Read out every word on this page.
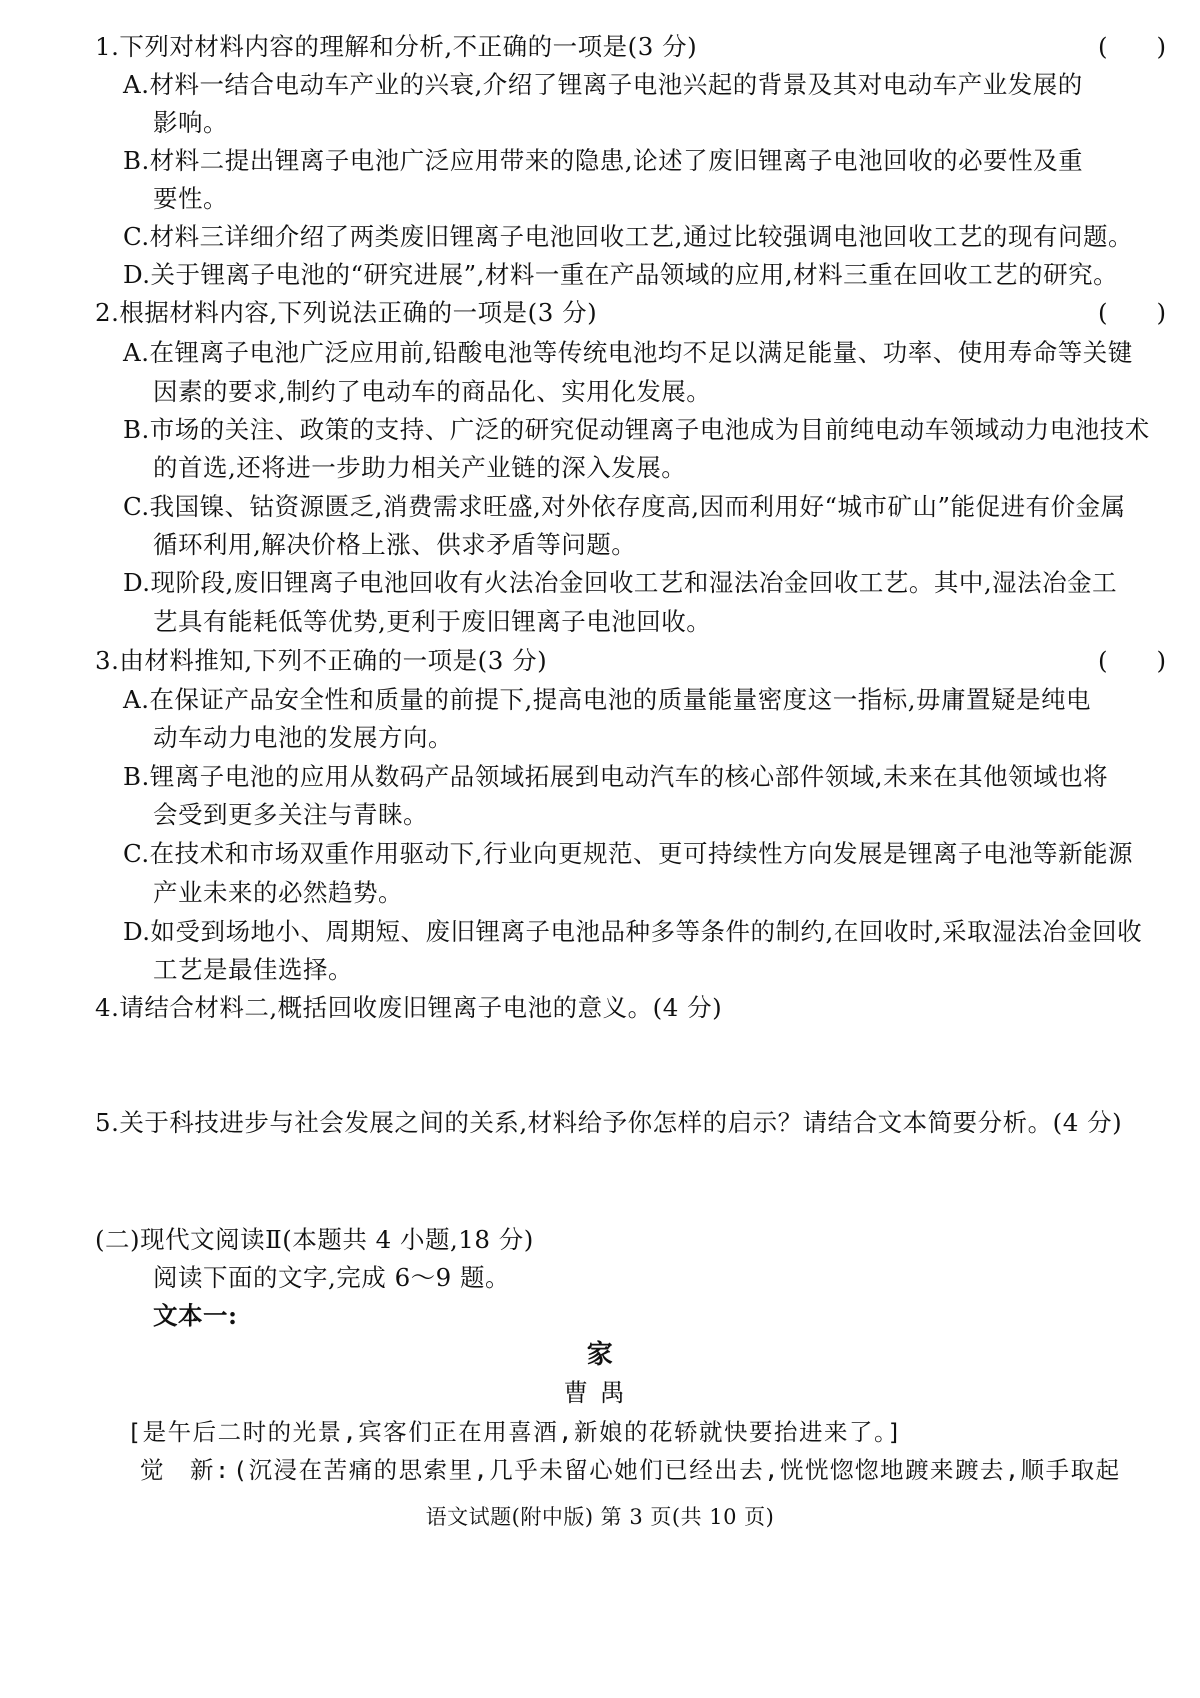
1.下列对材料内容的理解和分析,不正确的一项是(3 分)	(　　)
A.材料一结合电动车产业的兴衰,介绍了锂离子电池兴起的背景及其对电动车产业发展的
影响。
B.材料二提出锂离子电池广泛应用带来的隐患,论述了废旧锂离子电池回收的必要性及重
要性。
C.材料三详细介绍了两类废旧锂离子电池回收工艺,通过比较强调电池回收工艺的现有问题。
D.关于锂离子电池的“研究进展”,材料一重在产品领域的应用,材料三重在回收工艺的研究。
2.根据材料内容,下列说法正确的一项是(3 分)	(　　)
A.在锂离子电池广泛应用前,铅酸电池等传统电池均不足以满足能量、功率、使用寿命等关键
因素的要求,制约了电动车的商品化、实用化发展。
B.市场的关注、政策的支持、广泛的研究促动锂离子电池成为目前纯电动车领域动力电池技术
的首选,还将进一步助力相关产业链的深入发展。
C.我国镍、钴资源匮乏,消费需求旺盛,对外依存度高,因而利用好“城市矿山”能促进有价金属
循环利用,解决价格上涨、供求矛盾等问题。
D.现阶段,废旧锂离子电池回收有火法冶金回收工艺和湿法冶金回收工艺。其中,湿法冶金工
艺具有能耗低等优势,更利于废旧锂离子电池回收。
3.由材料推知,下列不正确的一项是(3 分)	(　　)
A.在保证产品安全性和质量的前提下,提高电池的质量能量密度这一指标,毋庸置疑是纯电
动车动力电池的发展方向。
B.锂离子电池的应用从数码产品领域拓展到电动汽车的核心部件领域,未来在其他领域也将
会受到更多关注与青睐。
C.在技术和市场双重作用驱动下,行业向更规范、更可持续性方向发展是锂离子电池等新能源
产业未来的必然趋势。
D.如受到场地小、周期短、废旧锂离子电池品种多等条件的制约,在回收时,采取湿法冶金回收
工艺是最佳选择。
4.请结合材料二,概括回收废旧锂离子电池的意义。(4 分)
5.关于科技进步与社会发展之间的关系,材料给予你怎样的启示？请结合文本简要分析。(4 分)
(二)现代文阅读Ⅱ(本题共 4 小题,18 分)
阅读下面的文字,完成 6～9 题。
文本一:
家
曹禺
[是午后二时的光景,宾客们正在用喜酒,新娘的花轿就快要抬进来了。]
觉　新: (沉浸在苦痛的思索里,几乎未留心她们已经出去,恍恍惚惚地踱来踱去,顺手取起
语文试题(附中版) 第 3 页(共 10 页)
